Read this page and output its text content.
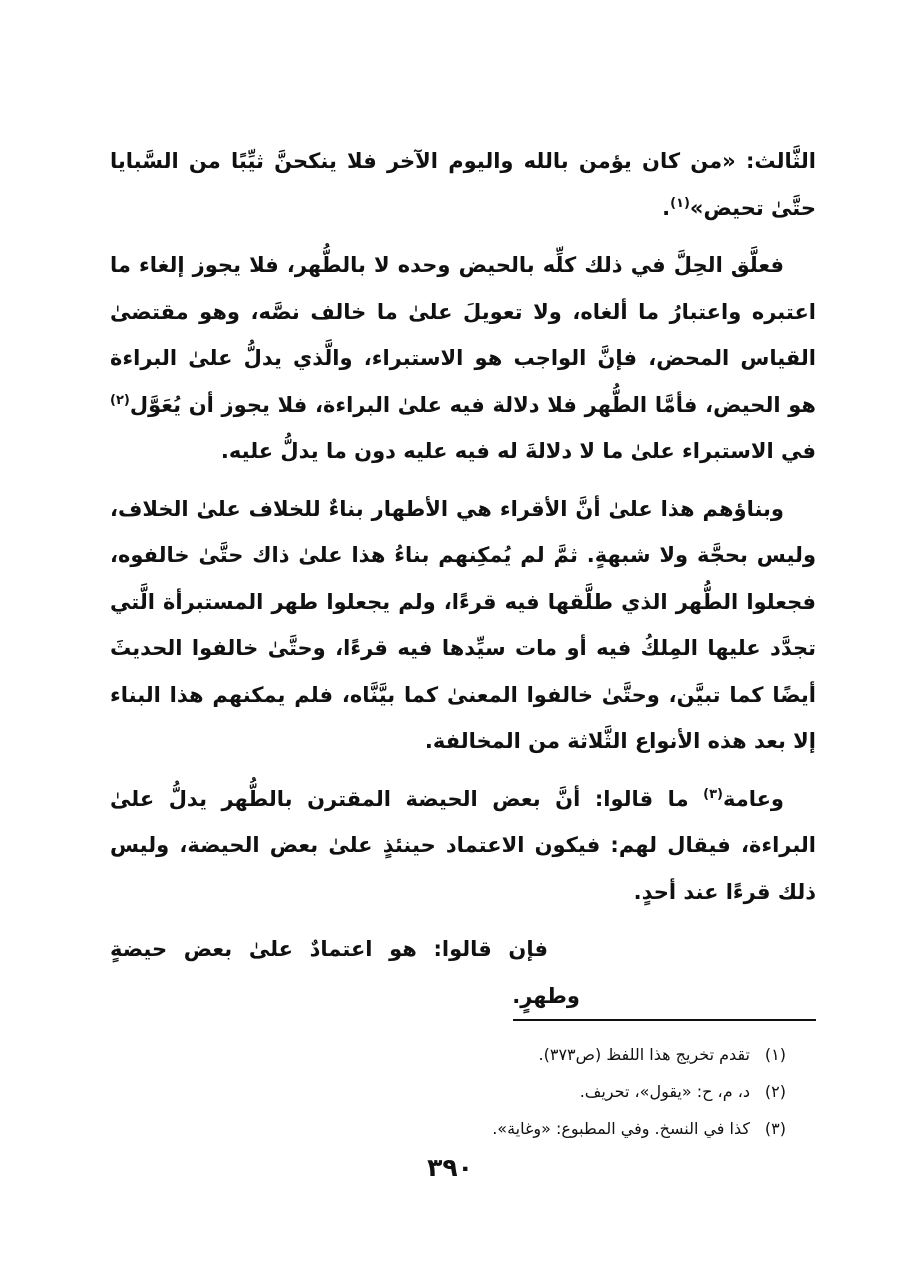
الثَّالث: «من كان يؤمن بالله واليوم الآخر فلا ينكحنَّ ثيِّبًا من السَّبايا حتَّىٰ تحيض»$^{(١)}$.

فعلَّق الحِلَّ في ذلك كلِّه بالحيض وحده لا بالطُّهر، فلا يجوز إلغاء ما اعتبره واعتبارُ ما ألغاه، ولا تعويلَ علىٰ ما خالف نصَّه، وهو مقتضىٰ القياس المحض، فإنَّ الواجب هو الاستبراء، والَّذي يدلُّ علىٰ البراءة هو الحيض، فأمَّا الطُّهر فلا دلالة فيه علىٰ البراءة، فلا يجوز أن يُعَوَّل$^{(٢)}$ في الاستبراء علىٰ ما لا دلالةَ له فيه عليه دون ما يدلُّ عليه.

وبناؤهم هذا علىٰ أنَّ الأقراء هي الأطهار بناءٌ للخلاف علىٰ الخلاف، وليس بحجَّة ولا شبهةٍ. ثمَّ لم يُمكِنهم بناءُ هذا علىٰ ذاك حتَّىٰ خالفوه، فجعلوا الطُّهر الذي طلَّقها فيه قرءًا، ولم يجعلوا طهر المستبرأة الَّتي تجدَّد عليها المِلكُ فيه أو مات سيِّدها فيه قرءًا، وحتَّىٰ خالفوا الحديثَ أيضًا كما تبيَّن، وحتَّىٰ خالفوا المعنىٰ كما بيَّنَّاه، فلم يمكنهم هذا البناء إلا بعد هذه الأنواع الثَّلاثة من المخالفة.

وعامة$^{(٣)}$ ما قالوا: أنَّ بعض الحيضة المقترن بالطُّهر يدلُّ علىٰ البراءة، فيقال لهم: فيكون الاعتماد حينئذٍ علىٰ بعض الحيضة، وليس ذلك قرءًا عند أحدٍ.

فإن قالوا: هو اعتمادٌ علىٰ بعض حيضةٍ وطهرٍ.

(١)تقدم تخريج هذا اللفظ (ص٣٧٣).
(٢)د، م، ح: «يقول»، تحريف.
(٣)كذا في النسخ. وفي المطبوع: «وغاية».
٣٩٠
